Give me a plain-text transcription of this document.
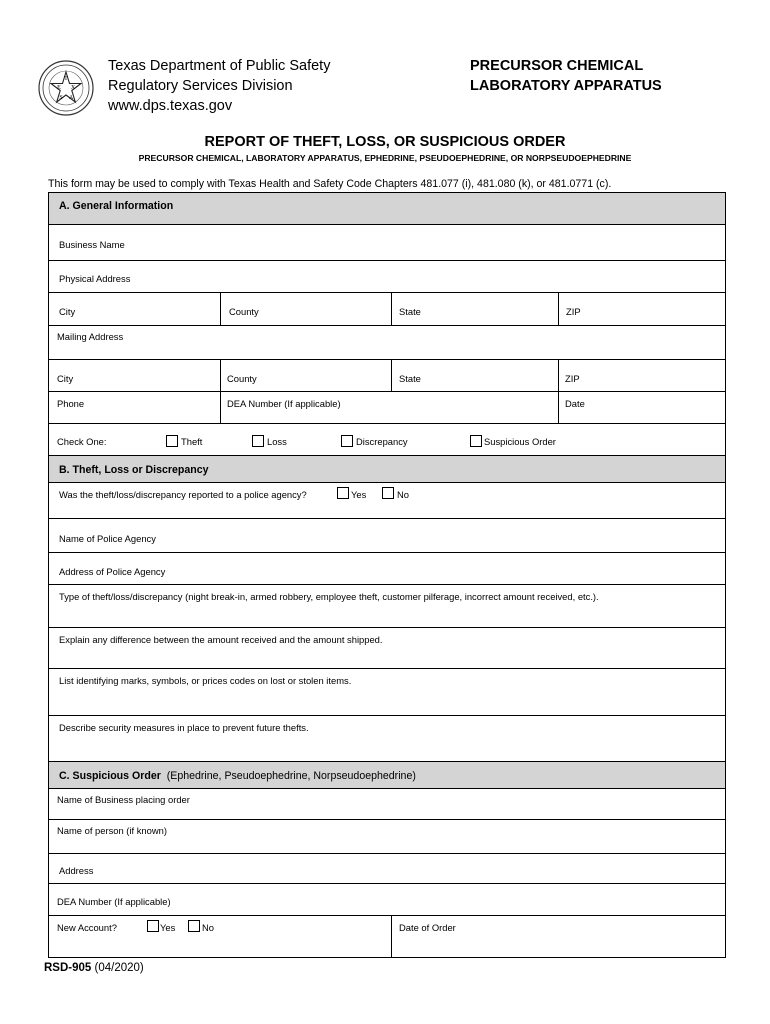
T
E X
A
S
Texas Department of Public Safety
Regulatory Services Division
www.dps.texas.gov
PRECURSOR CHEMICAL
LABORATORY APPARATUS
REPORT OF THEFT, LOSS, OR SUSPICIOUS ORDER
PRECURSOR CHEMICAL, LABORATORY APPARATUS, EPHEDRINE, PSEUDOEPHEDRINE, OR NORPSEUDOEPHEDRINE
This form may be used to comply with Texas Health and Safety Code Chapters 481.077 (i), 481.080 (k), or 481.0771 (c).
A. General Information
Business Name
Physical Address
City	County	State	ZIP
Mailing Address
City	County	State	ZIP
Phone	DEA Number (If applicable)	Date
Check One:	Theft	Loss	Discrepancy	Suspicious Order
B. Theft, Loss or Discrepancy
Was the theft/loss/discrepancy reported to a police agency?	Yes	No
Name of Police Agency
Address of Police Agency
Type of theft/loss/discrepancy (night break-in, armed robbery, employee theft, customer pilferage, incorrect amount received, etc.).
Explain any difference between the amount received and the amount shipped.
List identifying marks, symbols, or prices codes on lost or stolen items.
Describe security measures in place to prevent future thefts.
C. Suspicious Order (Ephedrine, Pseudoephedrine, Norpseudoephedrine)
Name of Business placing order
Name of person (if known)
Address
DEA Number (If applicable)
New Account?	Yes	No	Date of Order
RSD-905 (04/2020)
